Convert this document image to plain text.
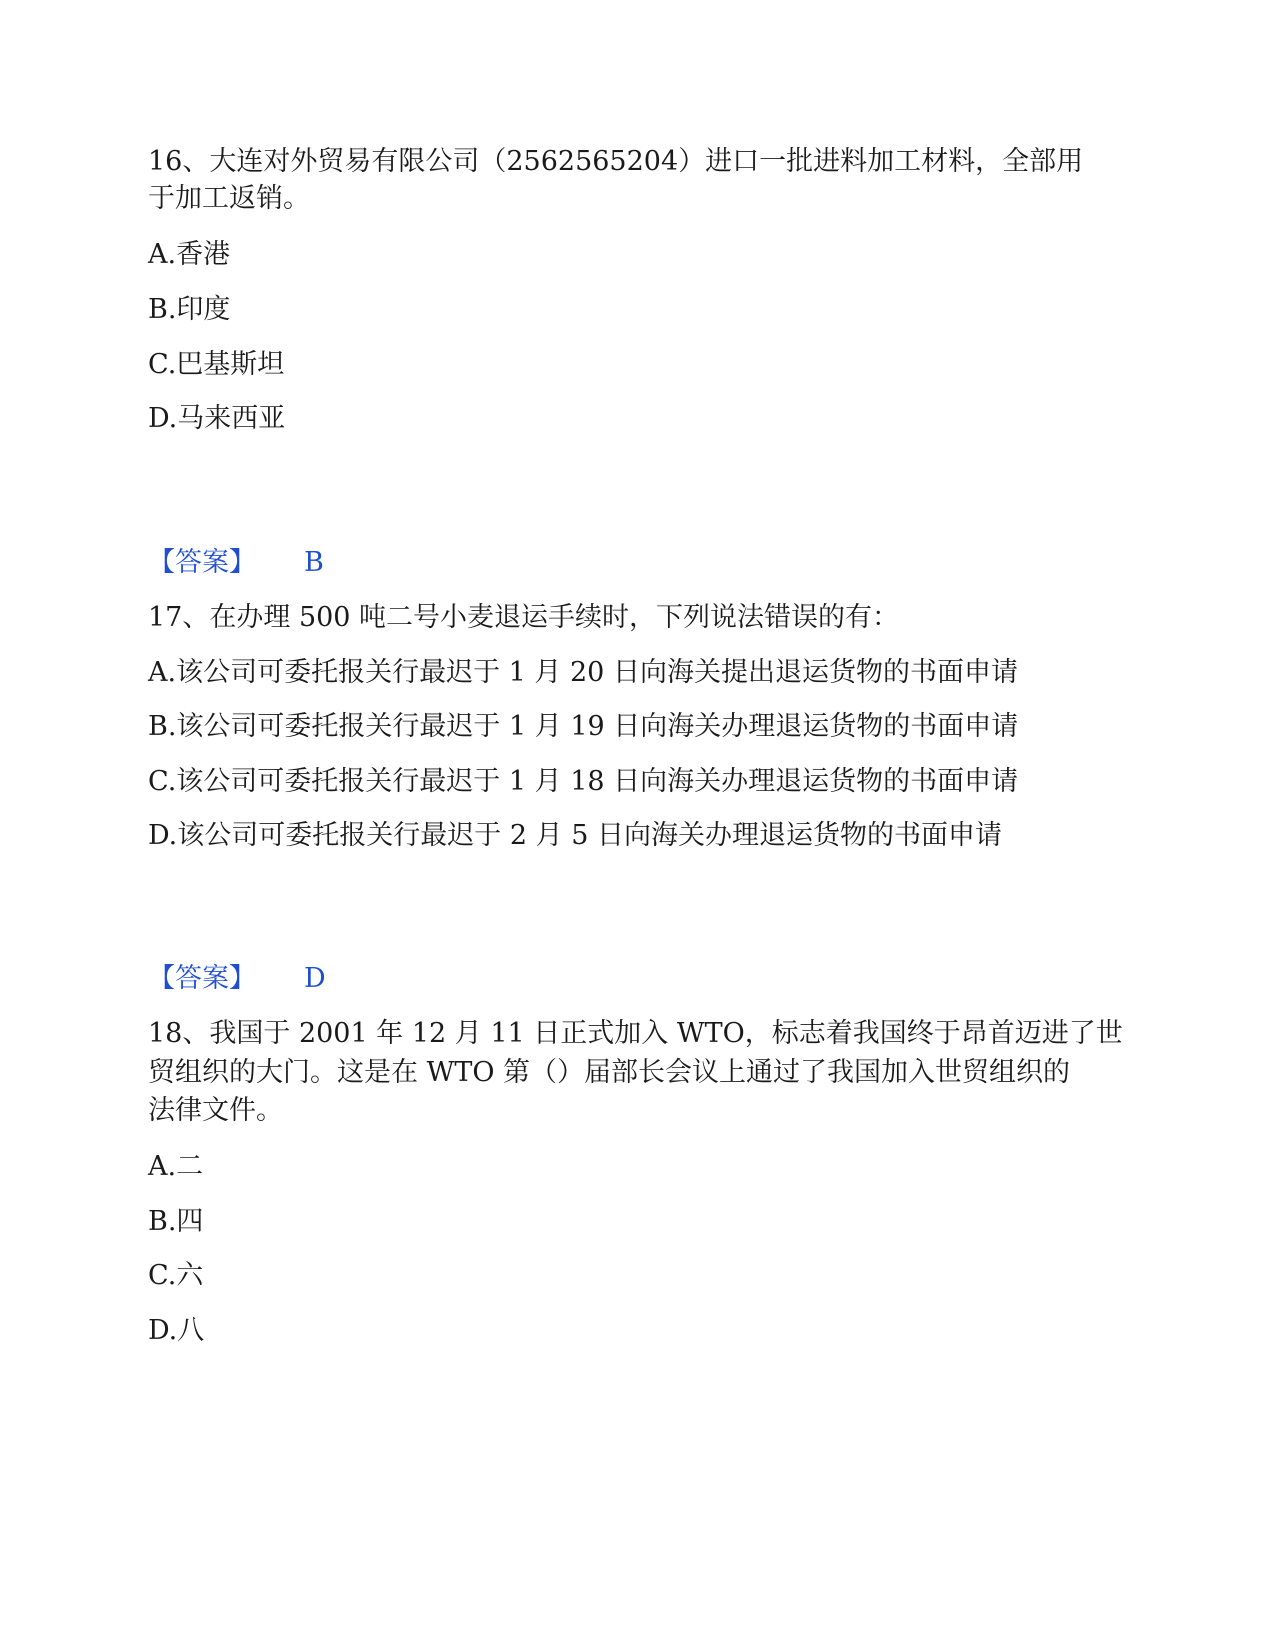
16、大连对外贸易有限公司（2562565204）进口一批进料加工材料，全部用
于加工返销。
A.香港
B.印度
C.巴基斯坦
D.马来西亚
【答案】 B
17、在办理 500 吨二号小麦退运手续时，下列说法错误的有：
A.该公司可委托报关行最迟于 1 月 20 日向海关提出退运货物的书面申请
B.该公司可委托报关行最迟于 1 月 19 日向海关办理退运货物的书面申请
C.该公司可委托报关行最迟于 1 月 18 日向海关办理退运货物的书面申请
D.该公司可委托报关行最迟于 2 月 5 日向海关办理退运货物的书面申请
【答案】 D
18、我国于 2001 年 12 月 11 日正式加入 WTO，标志着我国终于昂首迈进了世
贸组织的大门。这是在 WTO 第（）届部长会议上通过了我国加入世贸组织的
法律文件。
A.二
B.四
C.六
D.八
